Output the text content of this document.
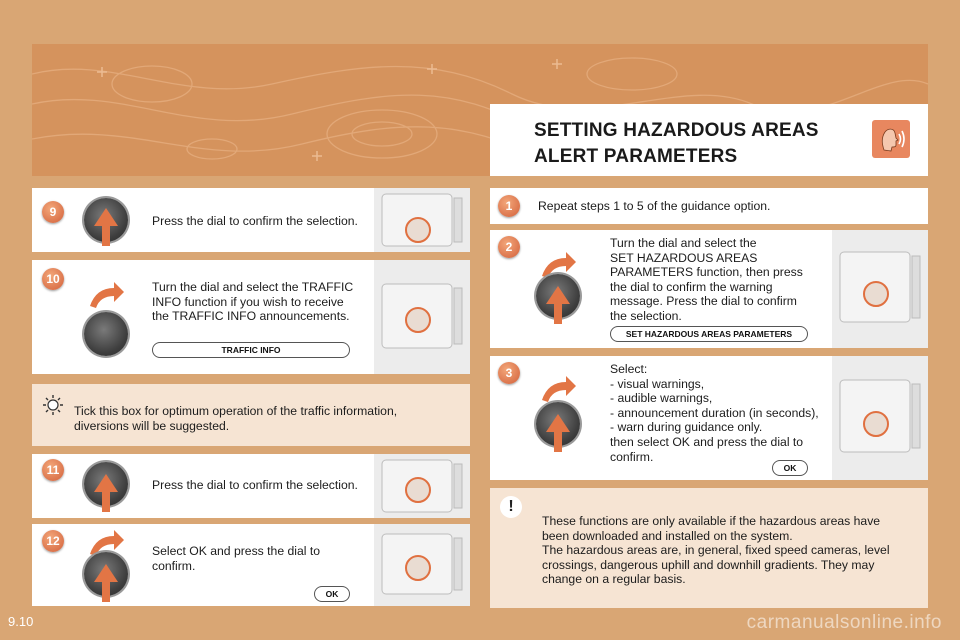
SETTING HAZARDOUS AREAS
ALERT PARAMETERS
9
Press the dial to confirm the selection.
10
Turn the dial and select the TRAFFIC
INFO function if you wish to receive
the TRAFFIC INFO announcements.
TRAFFIC INFO
Tick this box for optimum operation of the traffic information,
diversions will be suggested.
11
Press the dial to confirm the selection.
12
Select OK and press the dial to
confirm.
OK
1	Repeat steps 1 to 5 of the guidance option.
2	Turn the dial and select the
SET HAZARDOUS AREAS
PARAMETERS function, then press
the dial to confirm the warning
message. Press the dial to confirm
the selection.
SET HAZARDOUS AREAS PARAMETERS
3	Select:
- visual warnings,
- audible warnings,
- announcement duration (in seconds),
- warn during guidance only.
then select OK and press the dial to
confirm.
OK
!
These functions are only available if the hazardous areas have
been downloaded and installed on the system.
The hazardous areas are, in general, fixed speed cameras, level
crossings, dangerous uphill and downhill gradients. They may
change on a regular basis.
9.10	carmanualsonline.info
